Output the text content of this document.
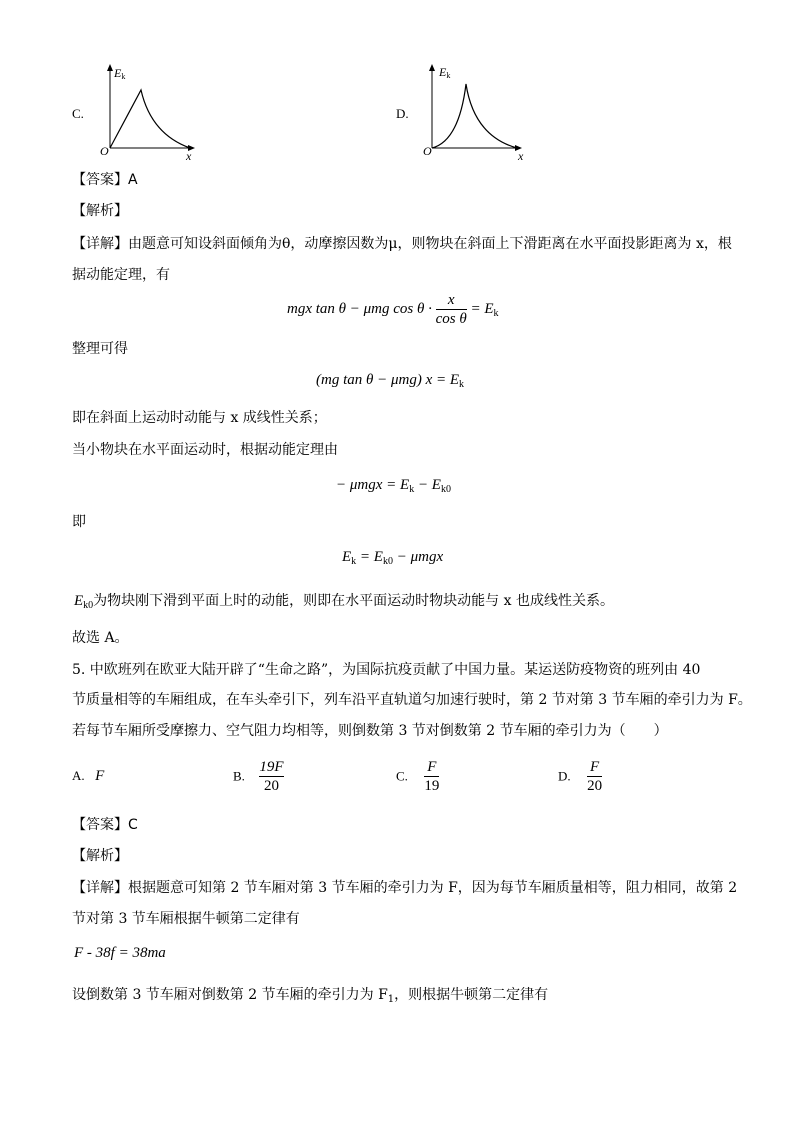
C.
Ek
O	x
D.
Ek
O	x
【答案】A
【解析】
【详解】由题意可知设斜面倾角为θ，动摩擦因数为μ，则物块在斜面上下滑距离在水平面投影距离为 x，根
据动能定理，有
mgx tan θ − μmg $\cos \theta \cdot \frac{x}{\text{cos θ}} = E_k$
整理可得
(mg tan θ − μmg) $x = E_k$
即在斜面上运动时动能与 x 成线性关系；
当小物块在水平面运动时，根据动能定理由
− $\mu mgx = E_k - E_{k0}$
即
$E_k = E_{k0} - \mu mgx$
$E_{k0}$为物块刚下滑到平面上时的动能，则即在水平面运动时物块动能与 x 也成线性关系。
故选 A。
5. 中欧班列在欧亚大陆开辟了“生命之路”，为国际抗疫贡献了中国力量。某运送防疫物资的班列由 40
节质量相等的车厢组成，在车头牵引下，列车沿平直轨道匀加速行驶时，第 2 节对第 3 节车厢的牵引力为 F。
若每节车厢所受摩擦力、空气阻力均相等，则倒数第 3 节对倒数第 2 节车厢的牵引力为（　　）
A. F	B. $\frac{19F}{20}$	C. $\frac{F}{19}$	D. $\frac{F}{20}$
【答案】C
【解析】
【详解】根据题意可知第 2 节车厢对第 3 节车厢的牵引力为 F，因为每节车厢质量相等，阻力相同，故第 2
节对第 3 节车厢根据牛顿第二定律有
F - 38f = 38ma
设倒数第 3 节车厢对倒数第 2 节车厢的牵引力为 $F_1$，则根据牛顿第二定律有
